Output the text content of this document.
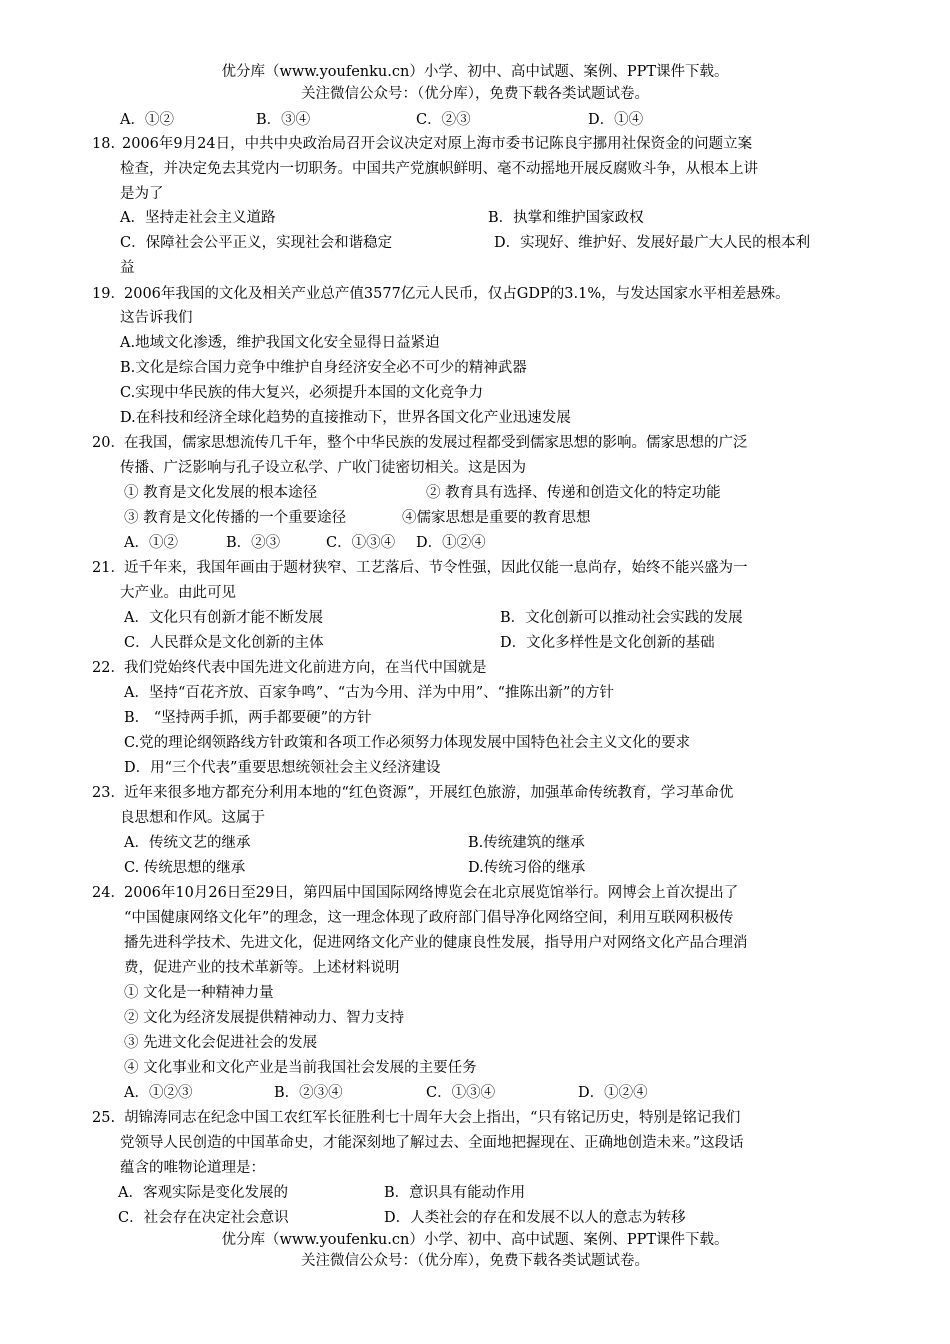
优分库（www.youfenku.cn）小学、初中、高中试题、案例、PPT课件下载。
关注微信公众号：（优分库），免费下载各类试题试卷。
A．①②	B．③④	C．②③	D．①④
18. 2006年9月24日，中共中央政治局召开会议决定对原上海市委书记陈良宇挪用社保资金的问题立案
检查，并决定免去其党内一切职务。中国共产党旗帜鲜明、毫不动摇地开展反腐败斗争，从根本上讲
是为了
A．坚持走社会主义道路	B．执掌和维护国家政权
C．保障社会公平正义，实现社会和谐稳定	D．实现好、维护好、发展好最广大人民的根本利
益
19． 2006年我国的文化及相关产业总产值3577亿元人民币，仅占GDP的3.1%，与发达国家水平相差悬殊。
这告诉我们
A.地域文化渗透，维护我国文化安全显得日益紧迫
B.文化是综合国力竞争中维护自身经济安全必不可少的精神武器
C.实现中华民族的伟大复兴，必须提升本国的文化竞争力
D.在科技和经济全球化趋势的直接推动下，世界各国文化产业迅速发展
20． 在我国，儒家思想流传几千年，整个中华民族的发展过程都受到儒家思想的影响。儒家思想的广泛
传播、广泛影响与孔子设立私学、广收门徒密切相关。这是因为
① 教育是文化发展的根本途径	② 教育具有选择、传递和创造文化的特定功能
③ 教育是文化传播的一个重要途径	④儒家思想是重要的教育思想
A．①②	B．②③	C．①③④ D．①②④
21． 近千年来，我国年画由于题材狭窄、工艺落后、节令性强，因此仅能一息尚存，始终不能兴盛为一
大产业。由此可见
A．文化只有创新才能不断发展	B．文化创新可以推动社会实践的发展
C．人民群众是文化创新的主体	D．文化多样性是文化创新的基础
22． 我们党始终代表中国先进文化前进方向，在当代中国就是
A．坚持“百花齐放、百家争鸣”、“古为今用、洋为中用”、“推陈出新”的方针
B． “坚持两手抓，两手都要硬”的方针
C.党的理论纲领路线方针政策和各项工作必须努力体现发展中国特色社会主义文化的要求
D．用“三个代表”重要思想统领社会主义经济建设
23． 近年来很多地方都充分利用本地的“红色资源”，开展红色旅游，加强革命传统教育，学习革命优
良思想和作风。这属于
A．传统文艺的继承	B.传统建筑的继承
C. 传统思想的继承	D.传统习俗的继承
24． 2006年10月26日至29日，第四届中国国际网络博览会在北京展览馆举行。网博会上首次提出了
“中国健康网络文化年”的理念，这一理念体现了政府部门倡导净化网络空间，利用互联网积极传
播先进科学技术、先进文化，促进网络文化产业的健康良性发展，指导用户对网络文化产品合理消
费，促进产业的技术革新等。上述材料说明
① 文化是一种精神力量
② 文化为经济发展提供精神动力、智力支持
③ 先进文化会促进社会的发展
④ 文化事业和文化产业是当前我国社会发展的主要任务
A．①②③	B．②③④	C．①③④	D．①②④
25. 胡锦涛同志在纪念中国工农红军长征胜利七十周年大会上指出，“只有铭记历史，特别是铭记我们
党领导人民创造的中国革命史，才能深刻地了解过去、全面地把握现在、正确地创造未来。”这段话
蕴含的唯物论道理是：
A．客观实际是变化发展的	B．意识具有能动作用
C．社会存在决定社会意识	D．人类社会的存在和发展不以人的意志为转移
优分库（www.youfenku.cn）小学、初中、高中试题、案例、PPT课件下载。
关注微信公众号：（优分库），免费下载各类试题试卷。
